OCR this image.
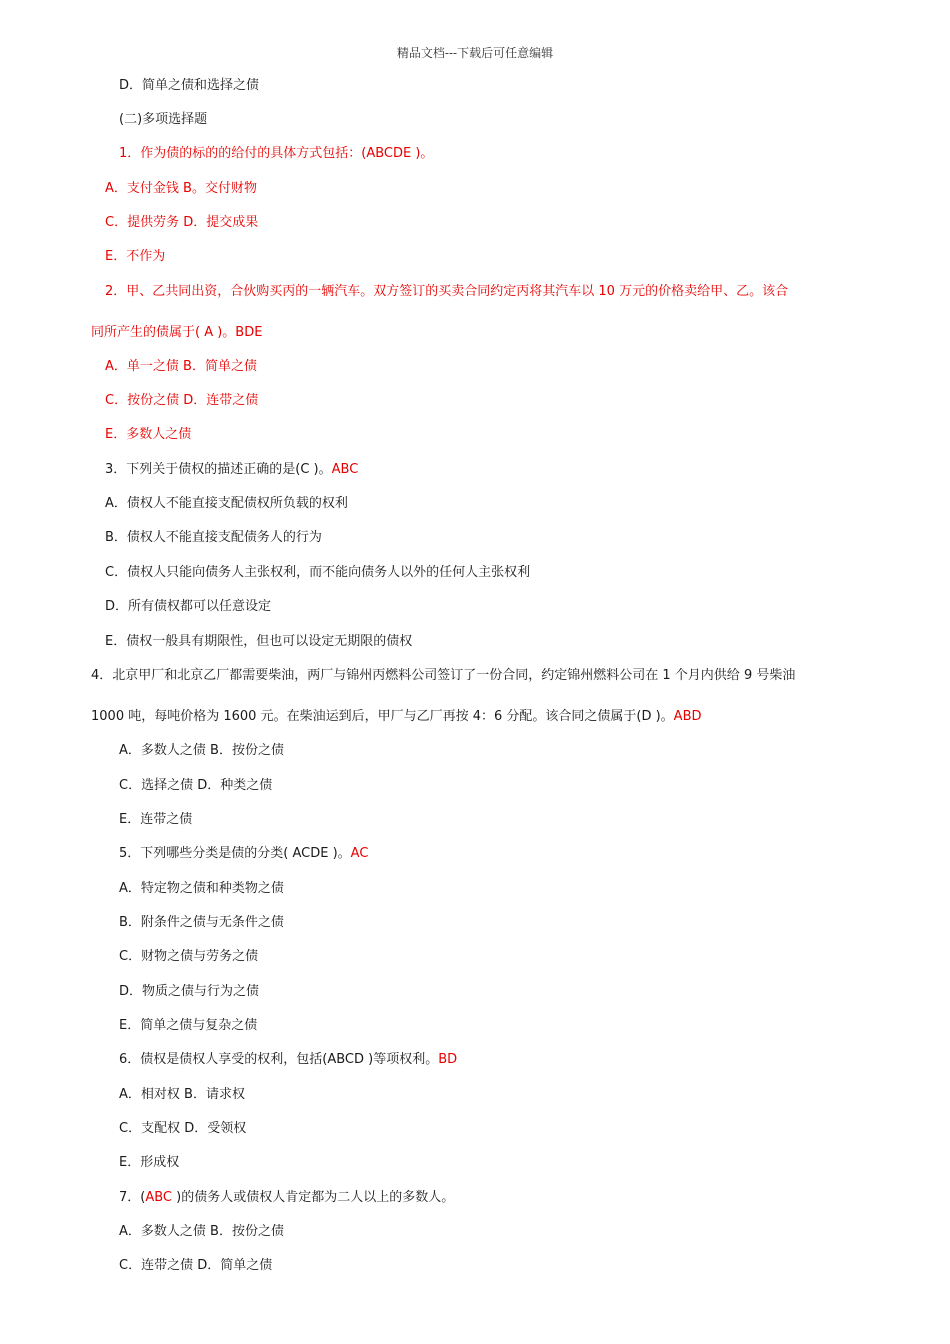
精品文档---下载后可任意编辑
D．简单之债和选择之债
(二)多项选择题
1．作为债的标的的给付的具体方式包括：(ABCDE )。
A．支付金钱 B。交付财物
C．提供劳务 D．提交成果
E．不作为
2．甲、乙共同出资，合伙购买丙的一辆汽车。双方签订的买卖合同约定丙将其汽车以 10 万元的价格卖给甲、乙。该合
同所产生的债属于( A )。BDE
A．单一之债 B．简单之债
C．按份之债 D．连带之债
E．多数人之债
3．下列关于债权的描述正确的是(C )。ABC
A．债权人不能直接支配债权所负载的权利
B．债权人不能直接支配债务人的行为
C．债权人只能向债务人主张权利，而不能向债务人以外的任何人主张权利
D．所有债权都可以任意设定
E．债权一般具有期限性，但也可以设定无期限的债权
4．北京甲厂和北京乙厂都需要柴油，两厂与锦州丙燃料公司签订了一份合同，约定锦州燃料公司在 1 个月内供给 9 号柴油
1000 吨，每吨价格为 1600 元。在柴油运到后，甲厂与乙厂再按 4：6 分配。该合同之债属于(D )。ABD
A．多数人之债 B．按份之债
C．选择之债 D．种类之债
E．连带之债
5．下列哪些分类是债的分类( ACDE )。AC
A．特定物之债和种类物之债
B．附条件之债与无条件之债
C．财物之债与劳务之债
D．物质之债与行为之债
E．简单之债与复杂之债
6．债权是债权人享受的权利，包括(ABCD )等项权利。BD
A．相对权 B．请求权
C．支配权 D．受领权
E．形成权
7．(ABC )的债务人或债权人肯定都为二人以上的多数人。
A．多数人之债 B．按份之债
C．连带之债 D．简单之债
